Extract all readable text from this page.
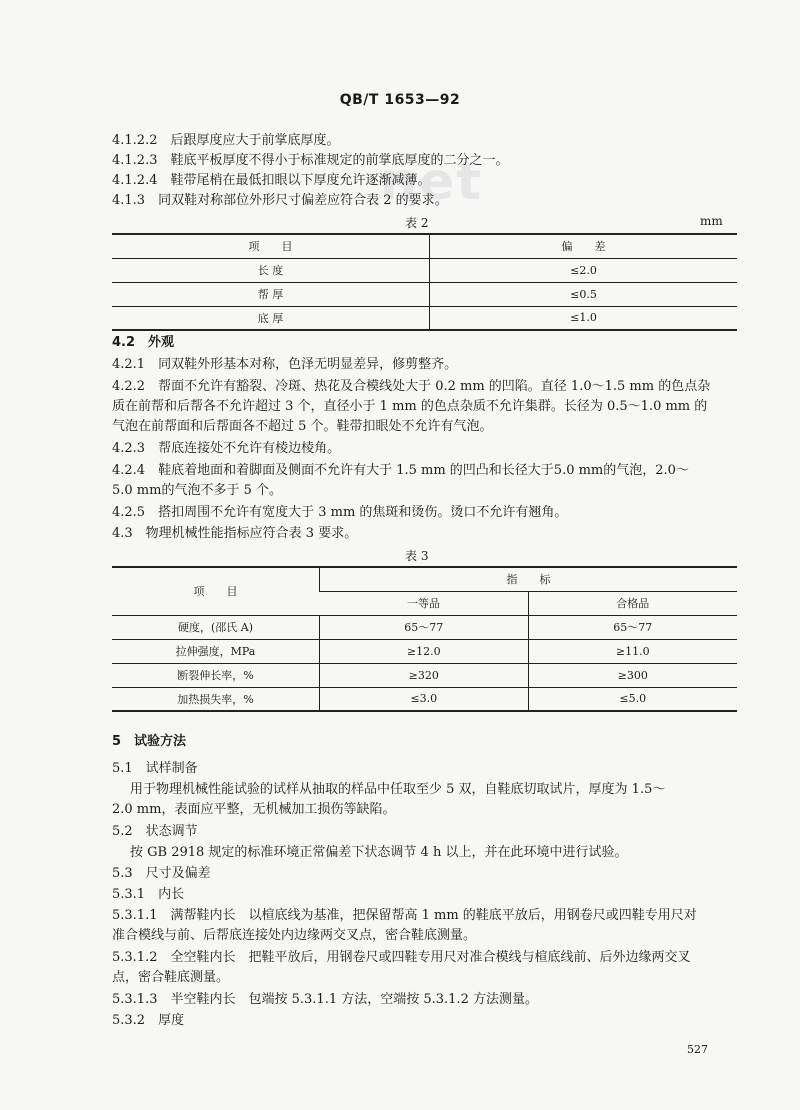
net
QB/T 1653—92
4.1.2.2　后跟厚度应大于前掌底厚度。
4.1.2.3　鞋底平板厚度不得小于标准规定的前掌底厚度的二分之一。
4.1.2.4　鞋带尾梢在最低扣眼以下厚度允许逐渐减薄。
4.1.3　同双鞋对称部位外形尺寸偏差应符合表 2 的要求。
表 2	mm
项　　目	偏　　差
长 度	≤2.0
帮 厚	≤0.5
底 厚	≤1.0
4.2　外观
4.2.1　同双鞋外形基本对称，色泽无明显差异，修剪整齐。
4.2.2　帮面不允许有豁裂、冷斑、热花及合模线处大于 0.2 mm 的凹陷。直径 1.0～1.5 mm 的色点杂
质在前帮和后帮各不允许超过 3 个，直径小于 1 mm 的色点杂质不允许集群。长径为 0.5～1.0 mm 的
气泡在前帮面和后帮面各不超过 5 个。鞋带扣眼处不允许有气泡。
4.2.3　帮底连接处不允许有棱边棱角。
4.2.4　鞋底着地面和着脚面及侧面不允许有大于 1.5 mm 的凹凸和长径大于5.0 mm的气泡，2.0～
5.0 mm的气泡不多于 5 个。
4.2.5　搭扣周围不允许有宽度大于 3 mm 的焦斑和烫伤。烫口不允许有翘角。
4.3　物理机械性能指标应符合表 3 要求。
表 3
项　　目	指　　标	
	一等品	合格品
硬度，(邵氏 A)	65～77	65～77
拉伸强度，MPa	≥12.0	≥11.0
断裂伸长率，%	≥320	≥300
加热损失率，%	≤3.0	≤5.0
5　试验方法
5.1　试样制备
用于物理机械性能试验的试样从抽取的样品中任取至少 5 双，自鞋底切取试片，厚度为 1.5～
2.0 mm，表面应平整，无机械加工损伤等缺陷。
5.2　状态调节
按 GB 2918 规定的标准环境正常偏差下状态调节 4 h 以上，并在此环境中进行试验。
5.3　尺寸及偏差
5.3.1　内长
5.3.1.1　满帮鞋内长　以楦底线为基准，把保留帮高 1 mm 的鞋底平放后，用钢卷尺或四鞋专用尺对
准合模线与前、后帮底连接处内边缘两交叉点，密合鞋底测量。
5.3.1.2　全空鞋内长　把鞋平放后，用钢卷尺或四鞋专用尺对准合模线与楦底线前、后外边缘两交叉
点，密合鞋底测量。
5.3.1.3　半空鞋内长　包端按 5.3.1.1 方法，空端按 5.3.1.2 方法测量。
5.3.2　厚度
527
